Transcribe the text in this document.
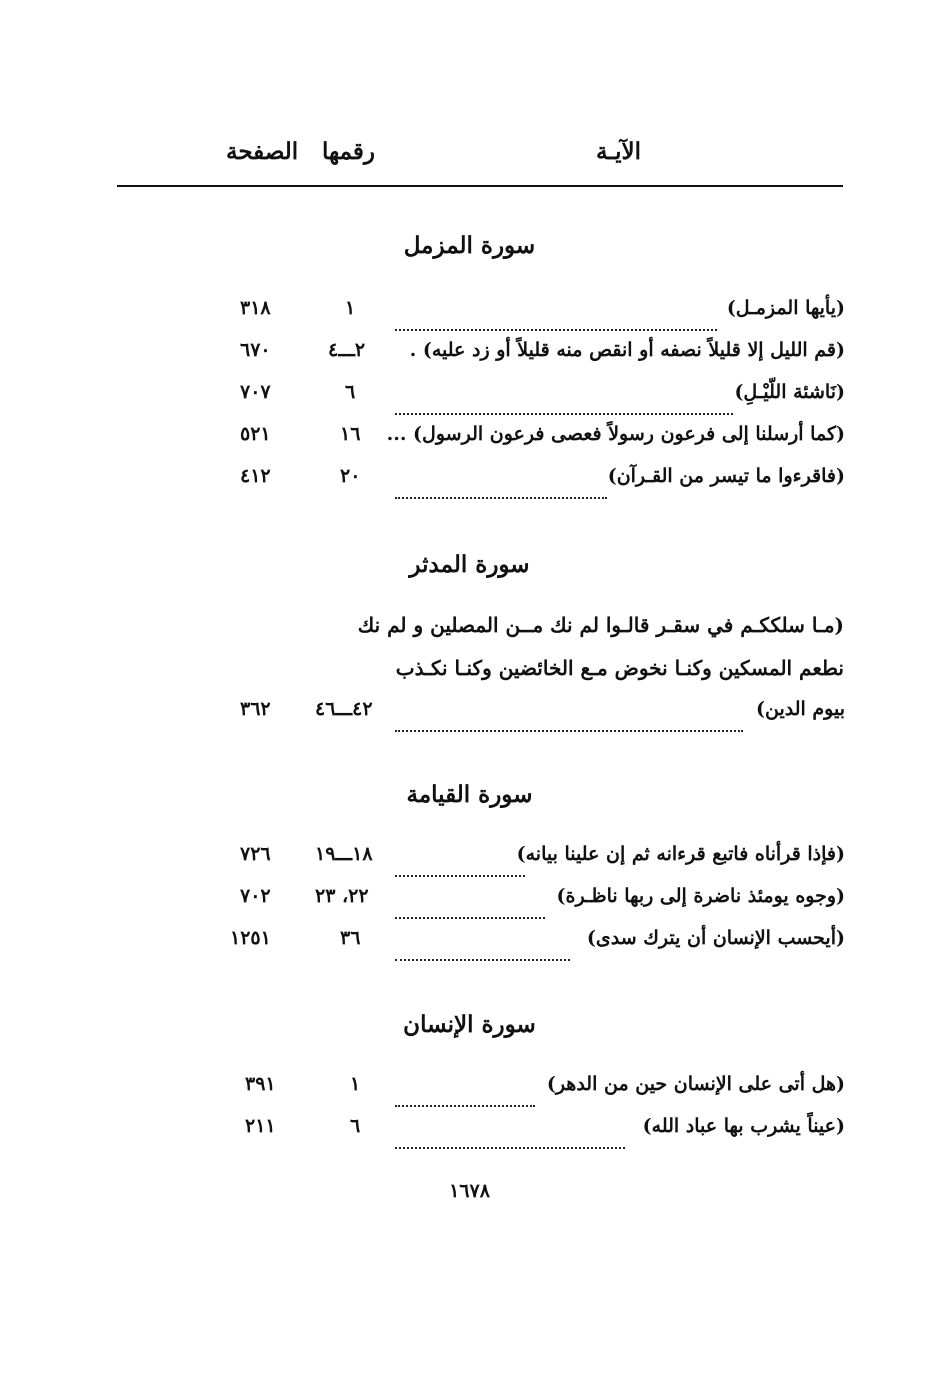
الآيـة
رقمها
الصفحة
سورة المزمل
(يأيها المزمـل)
١
٣١٨
(قم الليل إلا قليلاً نصفه أو انقص منه قليلاً أو زد عليه) .
٢ـــ٤
٦٧٠
(نَاشئة اللّيْـلِ)
٦
٧٠٧
(كما أرسلنا إلى فرعون رسولاً فعصى فرعون الرسول) ...
١٦
٥٢١
(فاقرءوا ما تيسر من القـرآن)
٢٠
٤١٢
سورة المدثر
(مـا سلككـم في سقـر قالـوا لم نك مــن المصلين و لم نك
نطعم المسكين وكنـا نخوض مـع الخائضين وكنـا نكـذب
بيوم الدين)
٤٢ـــ٤٦
٣٦٢
سورة القيامة
(فإذا قرأناه فاتبع قرءانه ثم إن علينا بيانه)
١٨ـــ١٩
٧٢٦
(وجوه يومئذ ناضرة إلى ربها ناظـرة)
٢٢، ٢٣
٧٠٢
(أيحسب الإنسان أن يترك سدى)
٣٦
١٢٥١
سورة الإنسان
(هل أتى على الإنسان حين من الدهر)
١
٣٩١
(عيناً يشرب بها عباد الله)
٦
٢١١
١٦٧٨
